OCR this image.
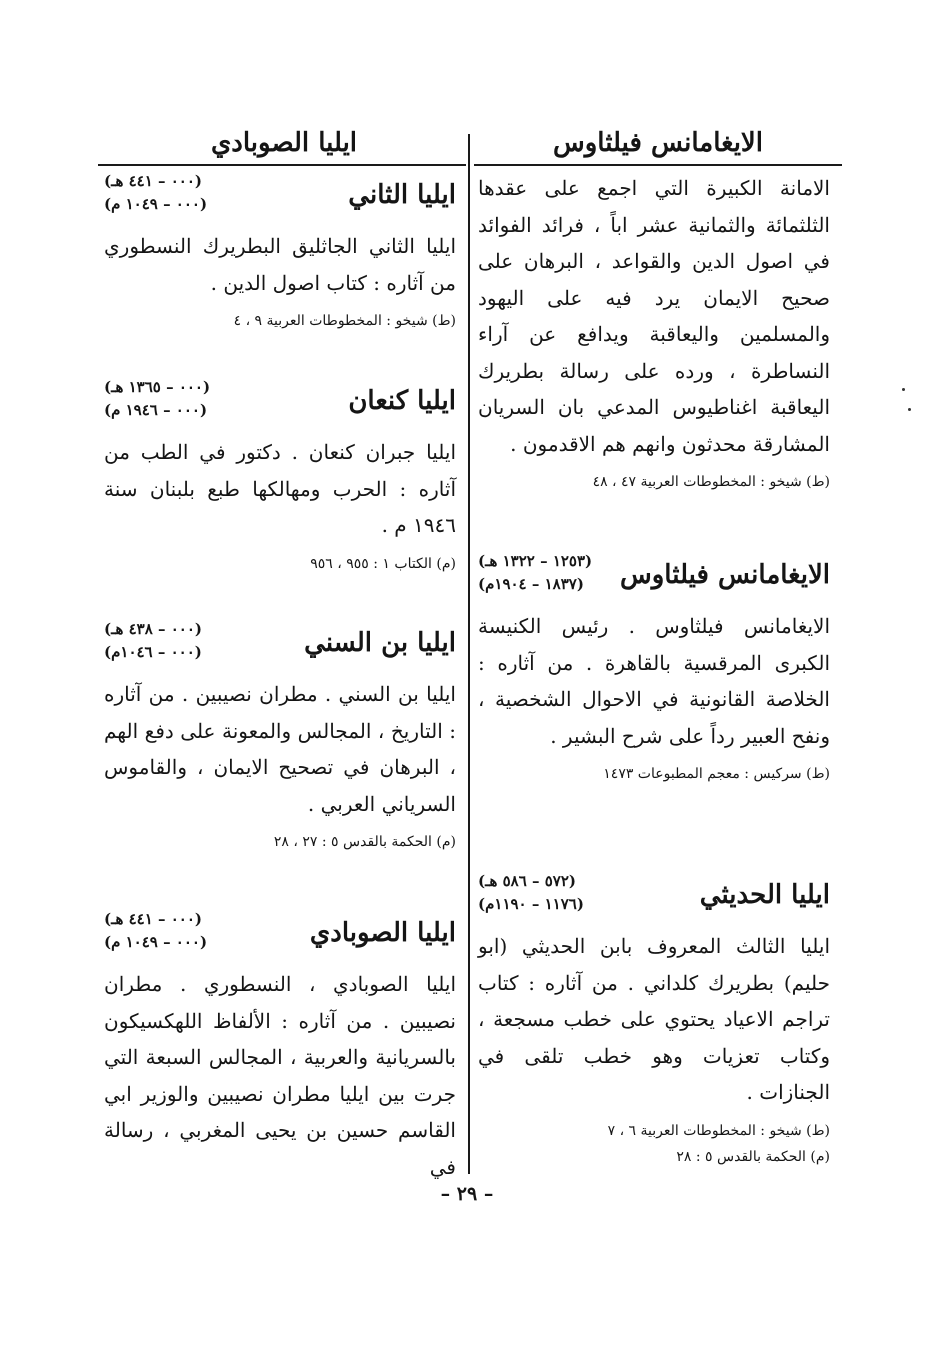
الايغامانس فيلثاوس
ايليا الصوبادي

الامانة الكبيرة التي اجمع على عقدها الثلثمائة والثمانية عشر اباً ، فرائد الفوائد في اصول الدين والقواعد ، البرهان على صحيح الايمان يرد فيه على اليهود والمسلمين واليعاقبة ويدافع عن آراء النساطرة ، ورده على رسالة بطريرك اليعاقبة اغناطيوس المدعي بان السريان المشارقة محدثون وانهم هم الاقدمون .

(ط) شيخو : المخطوطات العربية ٤٧ ، ٤٨

الايغامانس فيلثاوس
(١٢٥٣ – ١٣٢٢ هـ)
(١٨٣٧ – ١٩٠٤م)

الايغامانس فيلثاوس . رئيس الكنيسة الكبرى المرقسية بالقاهرة . من آثاره : الخلاصة القانونية في الاحوال الشخصية ، ونفح العبير رداً على شرح البشير .

(ط) سركيس : معجم المطبوعات ١٤٧٣

ايليا الحديثي
(٥٧٢ – ٥٨٦ هـ)
(١١٧٦ – ١١٩٠م)

ايليا الثالث المعروف بابن الحديثي (ابو حليم) بطريرك كلداني . من آثاره : كتاب تراجم الاعياد يحتوي على خطب مسجعة ، وكتاب تعزيات وهو خطب تلقى في الجنازات .

(ط) شيخو : المخطوطات العربية ٦ ، ٧

(م) الحكمة بالقدس ٥ : ٢٨

ايليا الثاني
(٠٠٠ – ٤٤١ هـ)
(٠٠٠ – ١٠٤٩ م)

ايليا الثاني الجاثليق البطريرك النسطوري من آثاره : كتاب اصول الدين .

(ط) شيخو : المخطوطات العربية ٩ ، ٤

ايليا كنعان
(٠٠٠ – ١٣٦٥ هـ)
(٠٠٠ – ١٩٤٦ م)

ايليا جبران كنعان . دكتور في الطب من آثاره : الحرب ومهالكها طبع بلبنان سنة ١٩٤٦ م .

(م) الكتاب ١ : ٩٥٥ ، ٩٥٦

ايليا بن السني
(٠٠٠ – ٤٣٨ هـ)
(٠٠٠ – ١٠٤٦م)

ايليا بن السني . مطران نصيبين . من آثاره : التاريخ ، المجالس والمعونة على دفع الهم ، البرهان في تصحيح الايمان ، والقاموس السرياني العربي .

(م) الحكمة بالقدس ٥ : ٢٧ ، ٢٨

ايليا الصوبادي
(٠٠٠ – ٤٤١ هـ)
(٠٠٠ – ١٠٤٩ م)

ايليا الصوبادي ، النسطوري . مطران نصيبين . من آثاره : الألفاظ اللهكسيكون بالسريانية والعربية ، المجالس السبعة التي جرت بين ايليا مطران نصيبين والوزير ابي القاسم حسين بن يحيى المغربي ، رسالة في

– ٢٩ –
